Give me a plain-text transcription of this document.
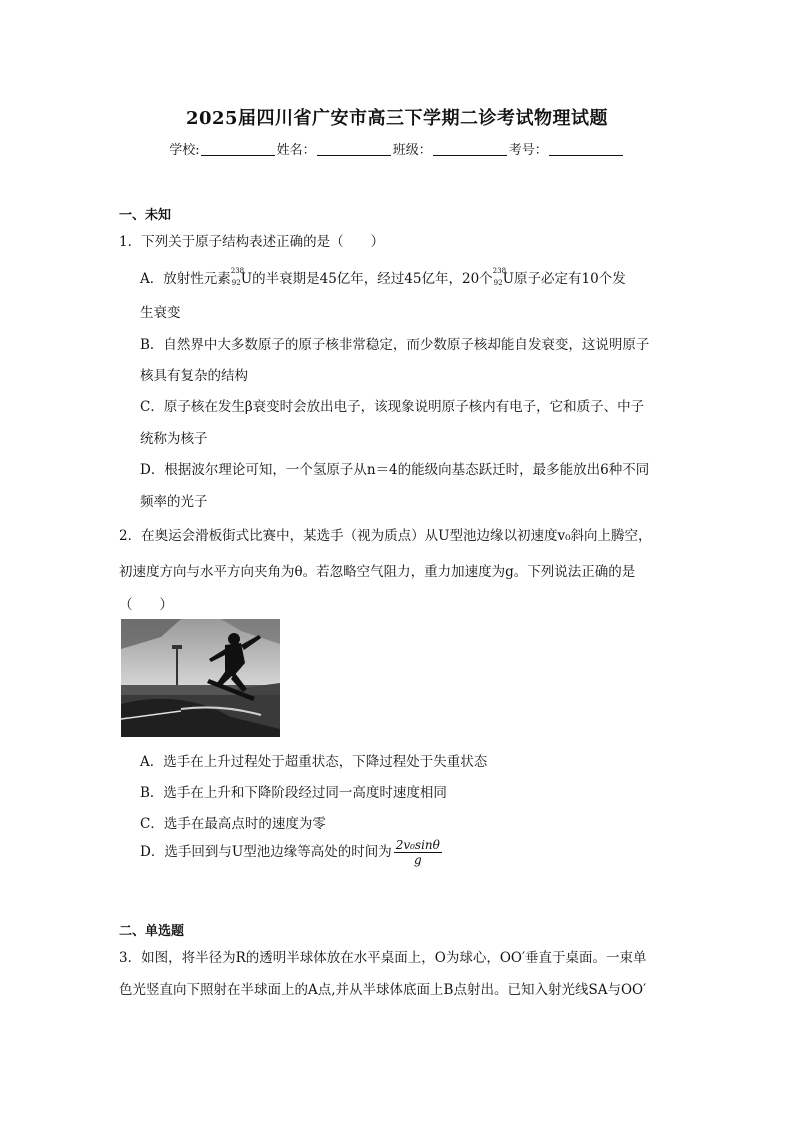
2025届四川省广安市高三下学期二诊考试物理试题
学校:	姓名：	班级：	考号：
一、未知
1．下列关于原子结构表述正确的是（　　）
A．放射性元素 238
92 U的半衰期是45亿年，经过45亿年，20个 238
92 U原子必定有10个发
生衰变
B．自然界中大多数原子的原子核非常稳定，而少数原子核却能自发衰变，这说明原子
核具有复杂的结构
C．原子核在发生β衰变时会放出电子，该现象说明原子核内有电子，它和质子、中子
统称为核子
D．根据波尔理论可知，一个氢原子从n＝4的能级向基态跃迁时，最多能放出6种不同
频率的光子
2．在奥运会滑板街式比赛中，某选手（视为质点）从U型池边缘以初速度v₀斜向上腾空，
初速度方向与水平方向夹角为θ。若忽略空气阻力，重力加速度为g。下列说法正确的是
（　　）
A．选手在上升过程处于超重状态，下降过程处于失重状态
B．选手在上升和下降阶段经过同一高度时速度相同
C．选手在最高点时的速度为零
D．选手回到与U型池边缘等高处的时间为 $\frac{\text{2v₀sinθ}}{g}$
二、单选题
3．如图，将半径为R的透明半球体放在水平桌面上，O为球心，OO′垂直于桌面。一束单
色光竖直向下照射在半球面上的A点,并从半球体底面上B点射出。已知入射光线SA与OO′
